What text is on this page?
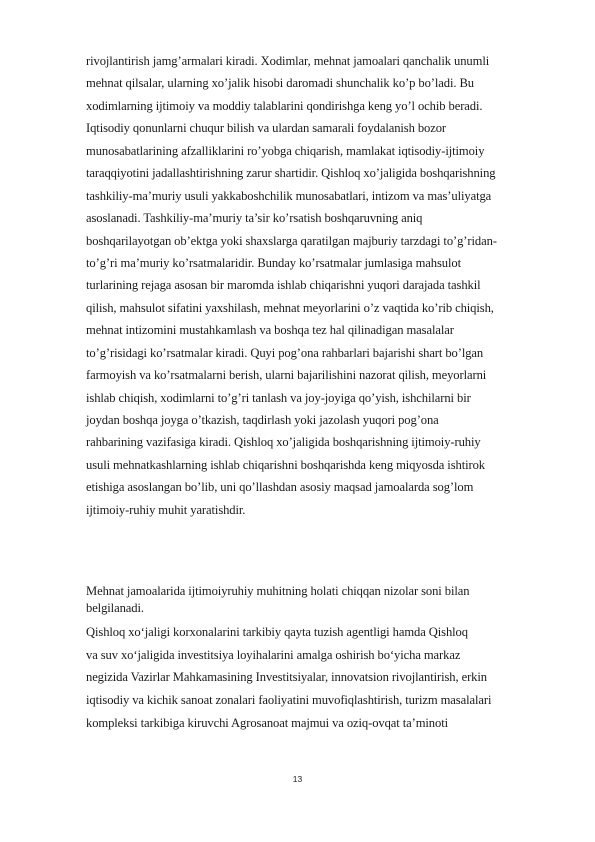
rivojlantirish jamg’armalari kiradi. Xodimlar, mehnat jamoalari qanchalik unumli
mehnat qilsalar, ularning xo’jalik hisobi daromadi shunchalik ko’p bo’ladi. Bu
xodimlarning ijtimoiy va moddiy talablarini qondirishga keng yo’l ochib beradi.
Iqtisodiy qonunlarni chuqur bilish va ulardan samarali foydalanish bozor
munosabatlarining afzalliklarini ro’yobga chiqarish, mamlakat iqtisodiy-ijtimoiy
taraqqiyotini jadallashtirishning zarur shartidir. Qishloq xo’jaligida boshqarishning
tashkiliy-ma’muriy usuli yakkaboshchilik munosabatlari, intizom va mas’uliyatga
asoslanadi. Tashkiliy-ma’muriy ta’sir ko’rsatish boshqaruvning aniq
boshqarilayotgan ob’ektga yoki shaxslarga qaratilgan majburiy tarzdagi to’g’ridan-
to’g’ri ma’muriy ko’rsatmalaridir. Bunday ko’rsatmalar jumlasiga mahsulot
turlarining rejaga asosan bir maromda ishlab chiqarishni yuqori darajada tashkil
qilish, mahsulot sifatini yaxshilash, mehnat meyorlarini o’z vaqtida ko’rib chiqish,
mehnat intizomini mustahkamlash va boshqa tez hal qilinadigan masalalar
to’g’risidagi ko’rsatmalar kiradi. Quyi pog’ona rahbarlari bajarishi shart bo’lgan
farmoyish va ko’rsatmalarni berish, ularni bajarilishini nazorat qilish, meyorlarni
ishlab chiqish, xodimlarni to’g’ri tanlash va joy-joyiga qo’yish, ishchilarni bir
joydan boshqa joyga o’tkazish, taqdirlash yoki jazolash yuqori pog’ona
rahbarining vazifasiga kiradi. Qishloq xo’jaligida boshqarishning ijtimoiy-ruhiy
usuli mehnatkashlarning ishlab chiqarishni boshqarishda keng miqyosda ishtirok
etishiga asoslangan bo’lib, uni qo’llashdan asosiy maqsad jamoalarda sog’lom
ijtimoiy-ruhiy muhit yaratishdir.
Mehnat jamoalarida ijtimoiyruhiy muhitning holati chiqqan nizolar soni bilan
belgilanadi.
Qishloq xo‘jaligi korxonalarini tarkibiy qayta tuzish agentligi hamda Qishloq
va suv xo‘jaligida investitsiya loyihalarini amalga oshirish bo‘yicha markaz
negizida Vazirlar Mahkamasining Investitsiyalar, innovatsion rivojlantirish, erkin
iqtisodiy va kichik sanoat zonalari faoliyatini muvofiqlashtirish, turizm masalalari
kompleksi tarkibiga kiruvchi Agrosanoat majmui va oziq-ovqat ta’minoti
13
